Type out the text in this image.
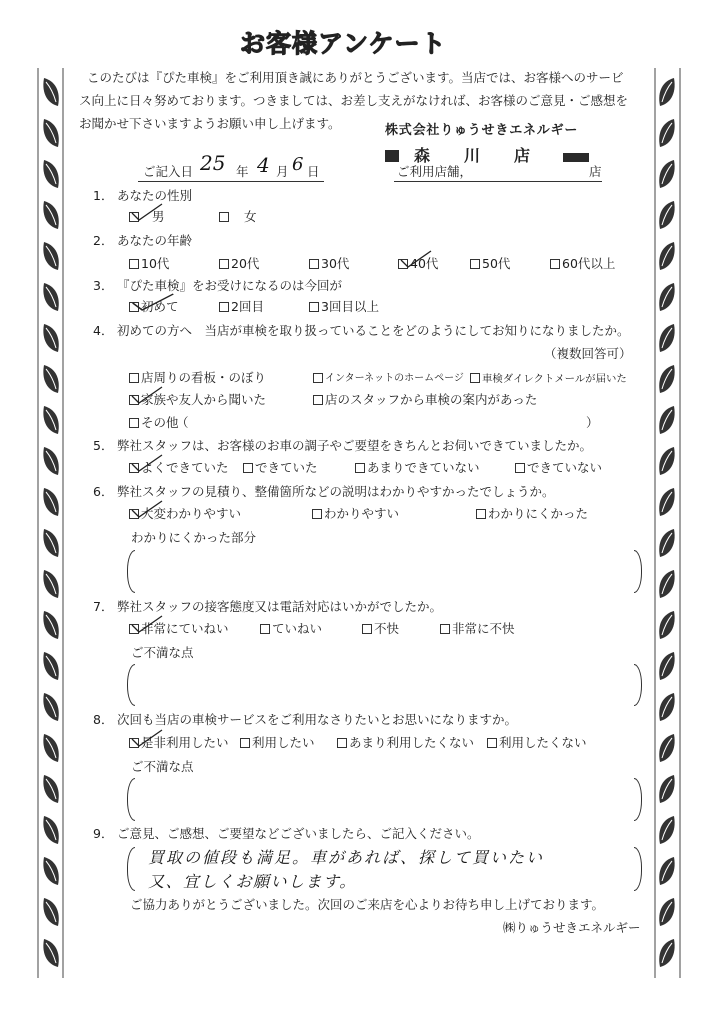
お客様アンケート
このたびは『ぴた車検』をご利用頂き誠にありがとうございます。当店では、お客様へのサービ
ス向上に日々努めております。つきましては、お差し支えがなければ、お客様のご意見・ご感想を
お聞かせ下さいますようお願い申し上げます。	株式会社りゅうせきエネルギー
森　川　店
ご記入日 25 年 4 月 6 日	ご利用店舗，	店
1． あなたの性別
男	女
2． あなたの年齢
10代	20代	30代	40代	50代	60代以上
3． 『ぴた車検』をお受けになるのは今回が
初めて	2回目	3回目以上
4． 初めての方へ　当店が車検を取り扱っていることをどのようにしてお知りになりましたか。
（複数回答可）
店周りの看板・のぼり	インターネットのホームページ 車検ダイレクトメールが届いた
家族や友人から聞いた	店のスタッフから車検の案内があった
その他
（	）
5． 弊社スタッフは、お客様のお車の調子やご要望をきちんとお伺いできていましたか。
よくできていた できていた	あまりできていない	できていない
6． 弊社スタッフの見積り、整備箇所などの説明はわかりやすかったでしょうか。
大変わかりやすい	わかりやすい	わかりにくかった
わかりにくかった部分
7． 弊社スタッフの接客態度又は電話対応はいかがでしたか。
非常にていねい	ていねい	不快	非常に不快
ご不満な点
8． 次回も当店の車検サービスをご利用なさりたいとお思いになりますか。
是非利用したい 利用したい	あまり利用したくない 利用したくない
ご不満な点
9． ご意見、ご感想、ご要望などございましたら、ご記入ください。
買取の値段も満足。車があれば、探して買いたい
又、宜しくお願いします。
ご協力ありがとうございました。次回のご来店を心よりお待ち申し上げております。
㈱りゅうせきエネルギー
